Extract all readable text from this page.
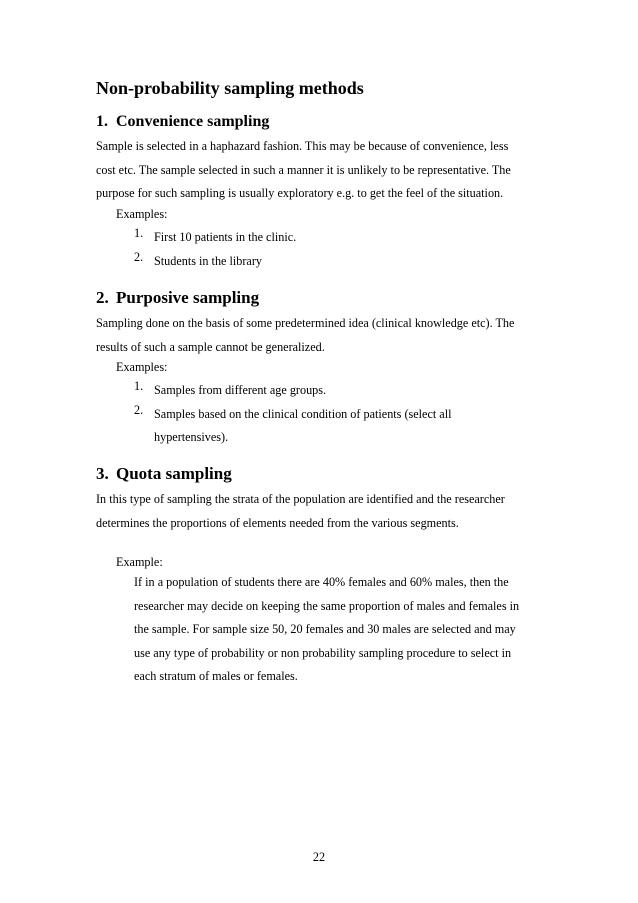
Non-probability sampling methods
1. Convenience sampling
Sample is selected in a haphazard fashion. This may be because of convenience, less
cost etc. The sample selected in such a manner it is unlikely to be representative. The
purpose for such sampling is usually exploratory e.g. to get the feel of the situation.
Examples:
1. First 10 patients in the clinic.
2. Students in the library
2. Purposive sampling
Sampling done on the basis of some predetermined idea (clinical knowledge etc). The
results of such a sample cannot be generalized.
Examples:
1. Samples from different age groups.
2. Samples based on the clinical condition of patients (select all
hypertensives).
3. Quota sampling
In this type of sampling the strata of the population are identified and the researcher
determines the proportions of elements needed from the various segments.
Example:
If in a population of students there are 40% females and 60% males, then the
researcher may decide on keeping the same proportion of males and females in
the sample. For sample size 50, 20 females and 30 males are selected and may
use any type of probability or non probability sampling procedure to select in
each stratum of males or females.
22
